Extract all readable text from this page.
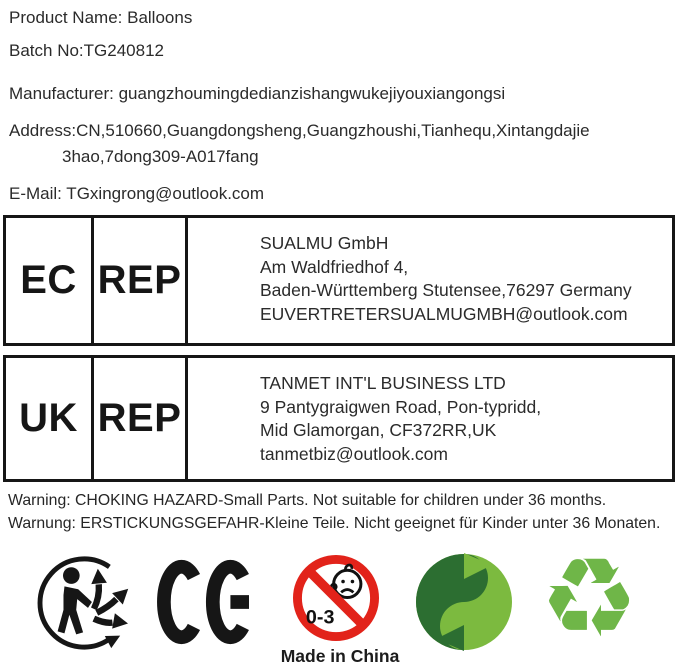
Product Name: Balloons
Batch No:TG240812
Manufacturer: guangzhoumingdedianzishangwukejiyouxiangongsi
Address:CN,510660,Guangdongsheng,Guangzhoushi,Tianhequ,Xintangdajie
3hao,7dong309-A017fang
E-Mail: TGxingrong@outlook.com
EC REP
SUALMU GmbH
Am Waldfriedhof 4,
Baden-Württemberg Stutensee,76297 Germany
EUVERTRETERSUALMUGMBH@outlook.com
UK REP
TANMET INT'L BUSINESS LTD
9 Pantygraigwen Road, Pon-typridd,
Mid Glamorgan, CF372RR,UK
tanmetbiz@outlook.com
Warning: CHOKING HAZARD-Small Parts. Not suitable for children under 36 months.
Warnung: ERSTICKUNGSGEFAHR-Kleine Teile. Nicht geeignet für Kinder unter 36 Monaten.
0-3 ♻
Made in China
